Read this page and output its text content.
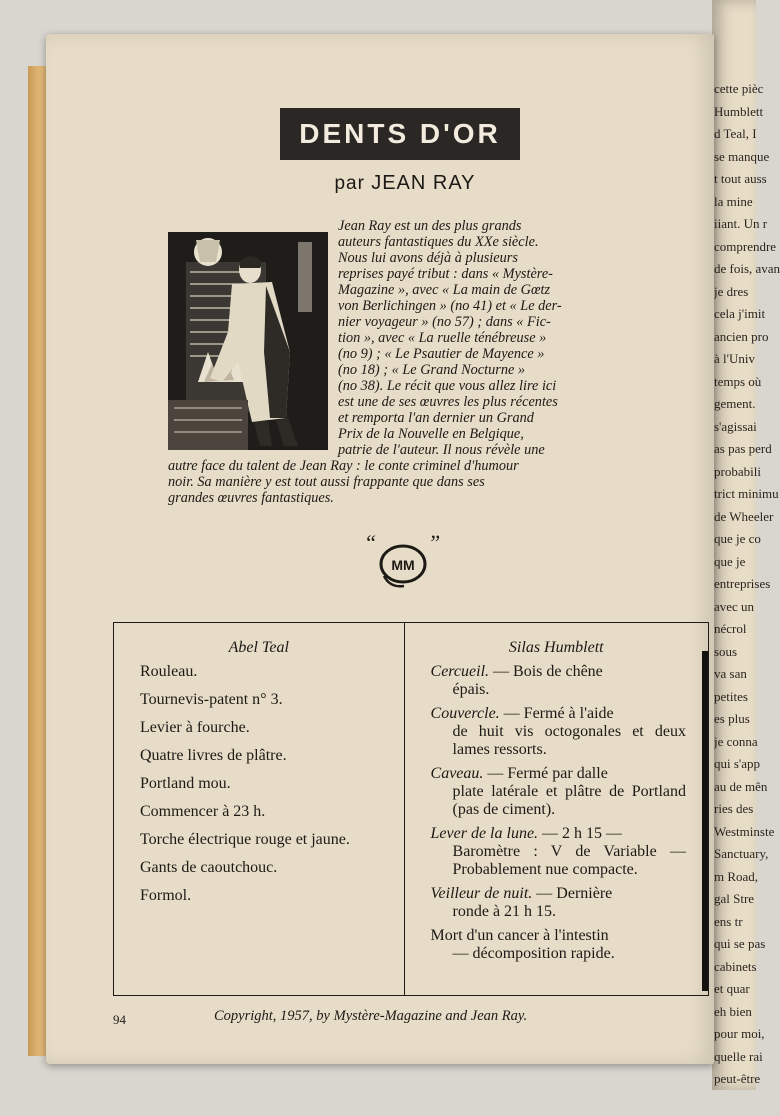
cette pièc
Humblett
d Teal, I
se manque
t tout auss
la mine
iiant. Un r
comprendre
de fois, avan
je dres
cela j'imit
ancien pro
à l'Univ
temps où
gement.
s'agissai
as pas perd
probabili
trict minimu
de Wheeler
que je co
que je
entreprises
avec un
nécrol
sous
va san
petites
es plus
je conna
qui s'app
au de mên
ries des
Westminste
Sanctuary,
m Road,
gal Stre
ens tr
qui se pas
cabinets
et quar
eh bien
pour moi,
quelle rai
peut-être
DENTS D'OR
par JEAN RAY
Jean Ray est un des plus grands
auteurs fantastiques du XXe siècle.
Nous lui avons déjà à plusieurs
reprises payé tribut : dans « Mystère-
Magazine », avec « La main de Gœtz
von Berlichingen » (no 41) et « Le der-
nier voyageur » (no 57) ; dans « Fic-
tion », avec « La ruelle ténébreuse »
(no 9) ; « Le Psautier de Mayence »
(no 18) ; « Le Grand Nocturne »
(no 38). Le récit que vous allez lire ici
est une de ses œuvres les plus récentes
et remporta l'an dernier un Grand
Prix de la Nouvelle en Belgique,
patrie de l'auteur. Il nous révèle une
autre face du talent de Jean Ray : le conte criminel d'humour
noir. Sa manière y est tout aussi frappante que dans ses
grandes œuvres fantastiques.
“ ”
MM
Abel Teal
Rouleau.
Tournevis-patent n° 3.
Levier à fourche.
Quatre livres de plâtre.
Portland mou.
Commencer à 23 h.
Torche électrique rouge et jaune.
Gants de caoutchouc.
Formol.
Silas Humblett
Cercueil. — Bois de chêne
épais.
Couvercle. — Fermé à l'aide
de huit vis octogonales et deux lames ressorts.
Caveau. — Fermé par dalle
plate latérale et plâtre de Portland (pas de ciment).
Lever de la lune. — 2 h 15 —
Baromètre : V de Variable — Probablement nue compacte.
Veilleur de nuit. — Dernière
ronde à 21 h 15.
Mort d'un cancer à l'intestin
— décomposition rapide.
94	Copyright, 1957, by Mystère-Magazine and Jean Ray.
